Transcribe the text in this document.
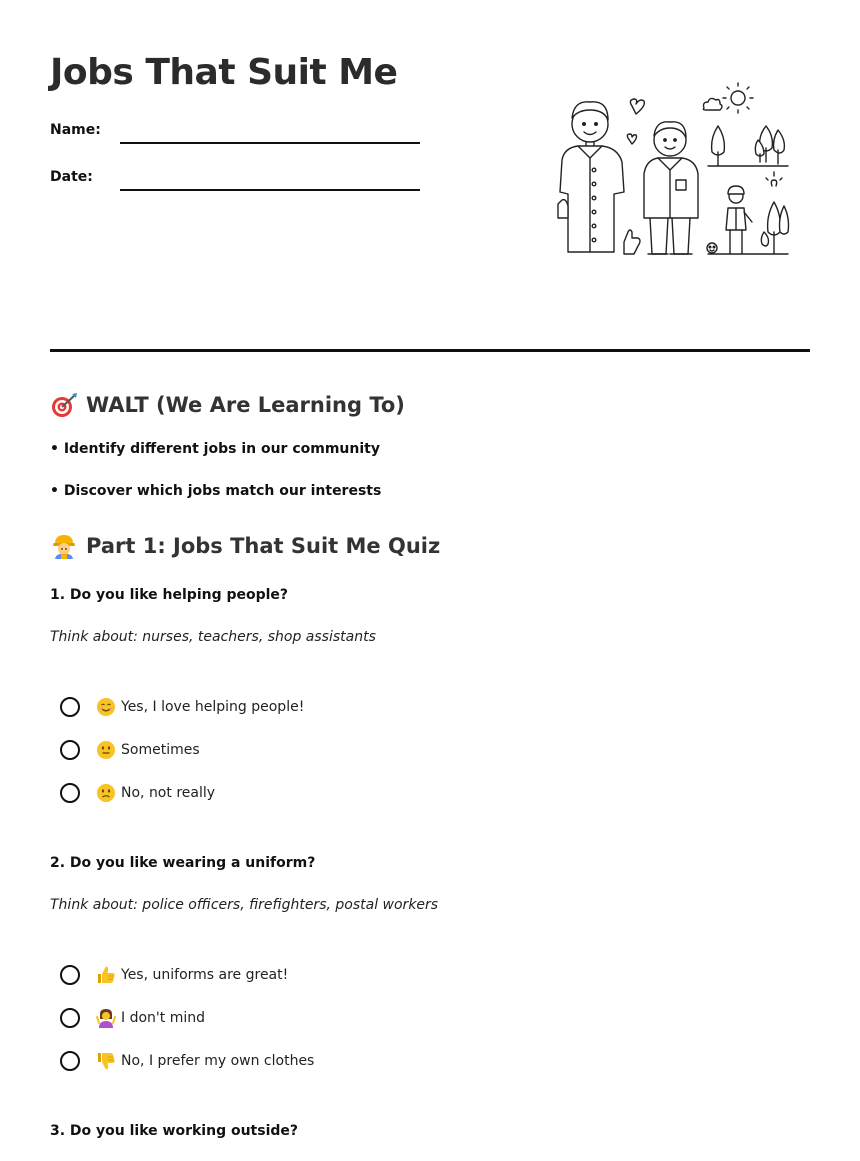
Jobs That Suit Me
Name:
Date:
WALT (We Are Learning To)
• Identify different jobs in our community
• Discover which jobs match our interests
Part 1: Jobs That Suit Me Quiz
1. Do you like helping people?
Think about: nurses, teachers, shop assistants
Yes, I love helping people!
Sometimes
No, not really
2. Do you like wearing a uniform?
Think about: police officers, firefighters, postal workers
Yes, uniforms are great!
I don't mind
No, I prefer my own clothes
3. Do you like working outside?
